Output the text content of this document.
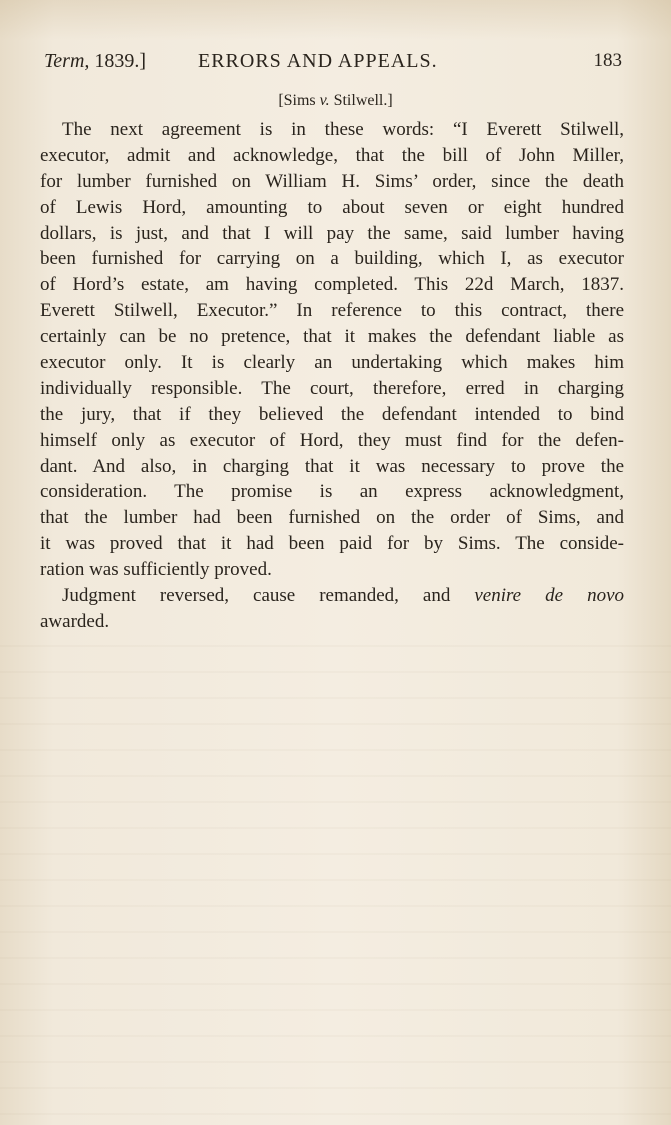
Term, 1839.]	ERRORS AND APPEALS.	183
[Sims v. Stilwell.]
The next agreement is in these words: “I Everett Stilwell,
executor, admit and acknowledge, that the bill of John Miller,
for lumber furnished on William H. Sims’ order, since the death
of Lewis Hord, amounting to about seven or eight hundred
dollars, is just, and that I will pay the same, said lumber having
been furnished for carrying on a building, which I, as executor
of Hord’s estate, am having completed. This 22d March, 1837.
Everett Stilwell, Executor.” In reference to this contract, there
certainly can be no pretence, that it makes the defendant liable as
executor only. It is clearly an undertaking which makes him
individually responsible. The court, therefore, erred in charging
the jury, that if they believed the defendant intended to bind
himself only as executor of Hord, they must find for the defen-
dant. And also, in charging that it was necessary to prove the
consideration. The promise is an express acknowledgment,
that the lumber had been furnished on the order of Sims, and
it was proved that it had been paid for by Sims. The conside-
ration was sufficiently proved.
Judgment reversed, cause remanded, and venire de novo
awarded.
